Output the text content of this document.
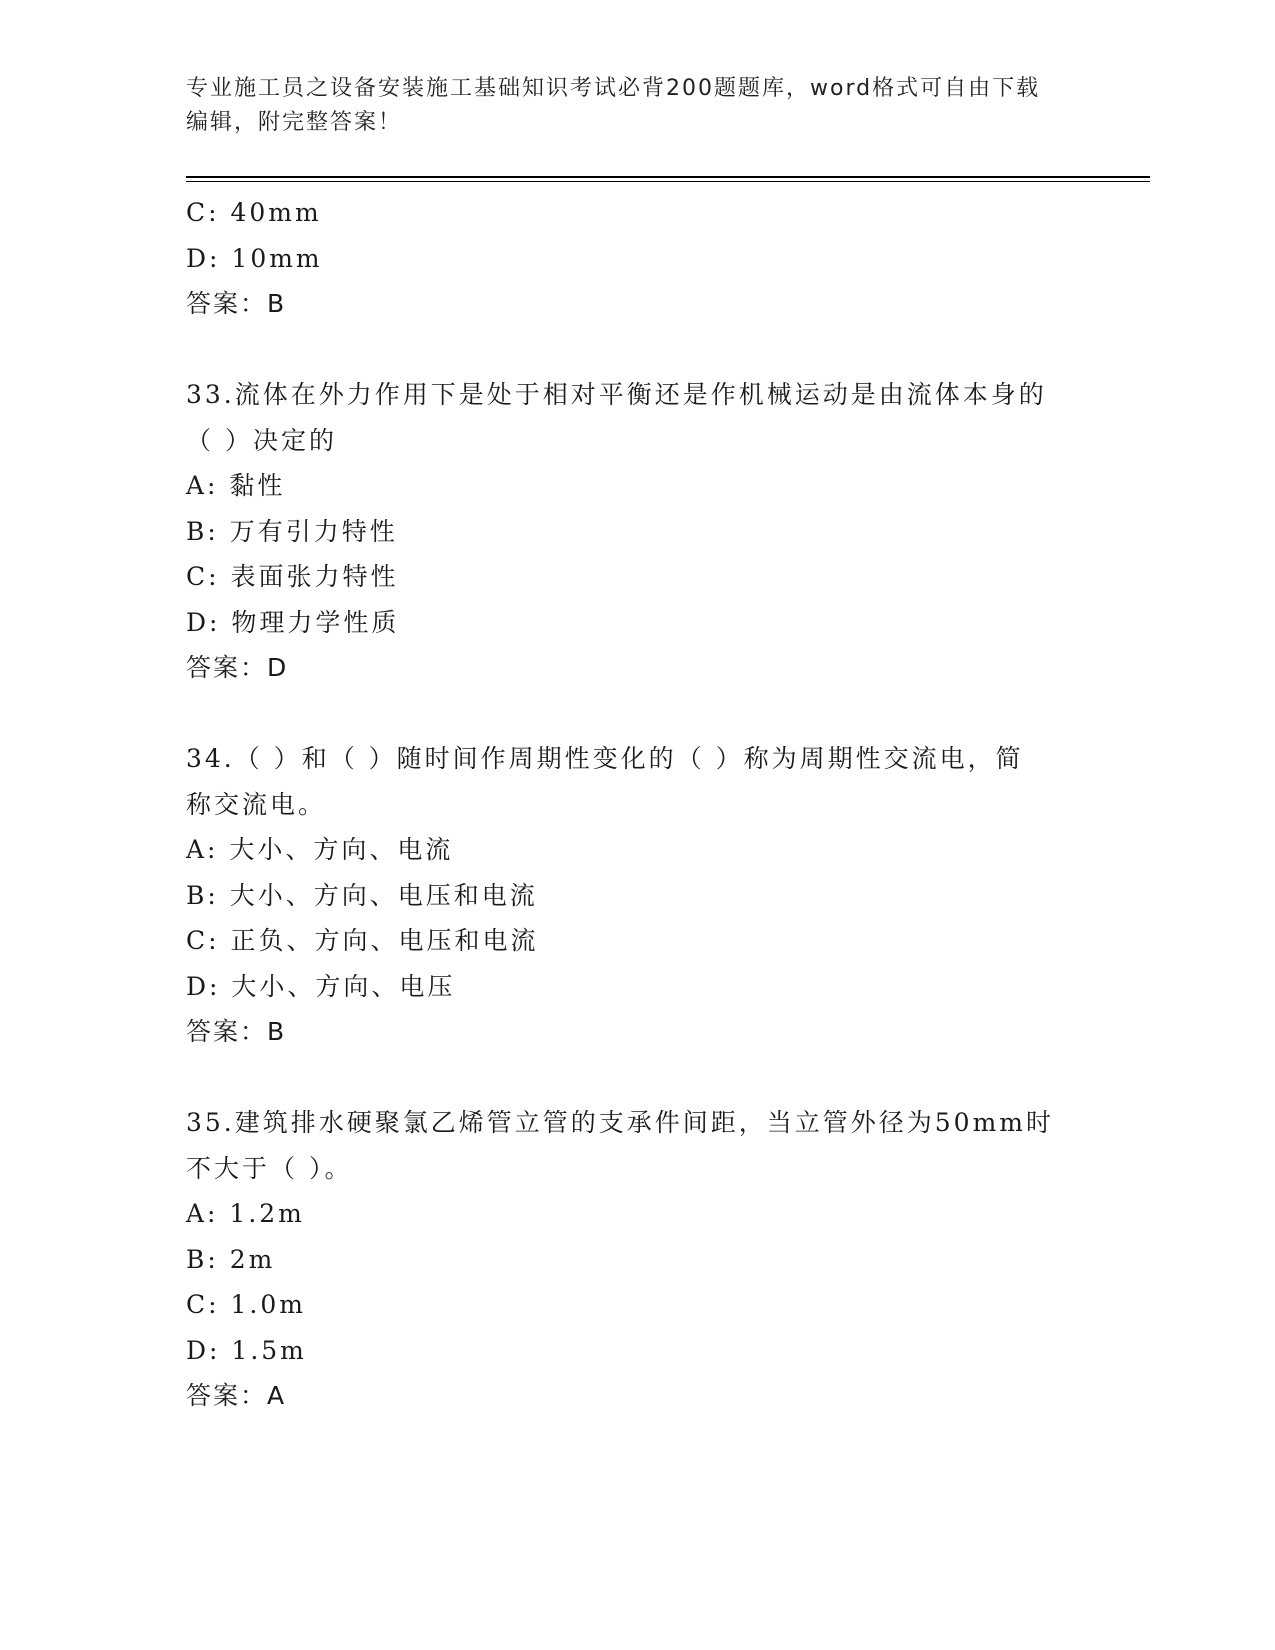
专业施工员之设备安装施工基础知识考试必背200题题库，word格式可自由下载
编辑，附完整答案！
C: 40mm
D: 10mm
答案：B
33.流体在外力作用下是处于相对平衡还是作机械运动是由流体本身的
（ ）决定的
A: 黏性
B: 万有引力特性
C: 表面张力特性
D: 物理力学性质
答案：D
34.（ ）和（ ）随时间作周期性变化的（ ）称为周期性交流电，简
称交流电。
A: 大小、方向、电流
B: 大小、方向、电压和电流
C: 正负、方向、电压和电流
D: 大小、方向、电压
答案：B
35.建筑排水硬聚氯乙烯管立管的支承件间距，当立管外径为50mm时
不大于（ ）。
A: 1.2m
B: 2m
C: 1.0m
D: 1.5m
答案：A
